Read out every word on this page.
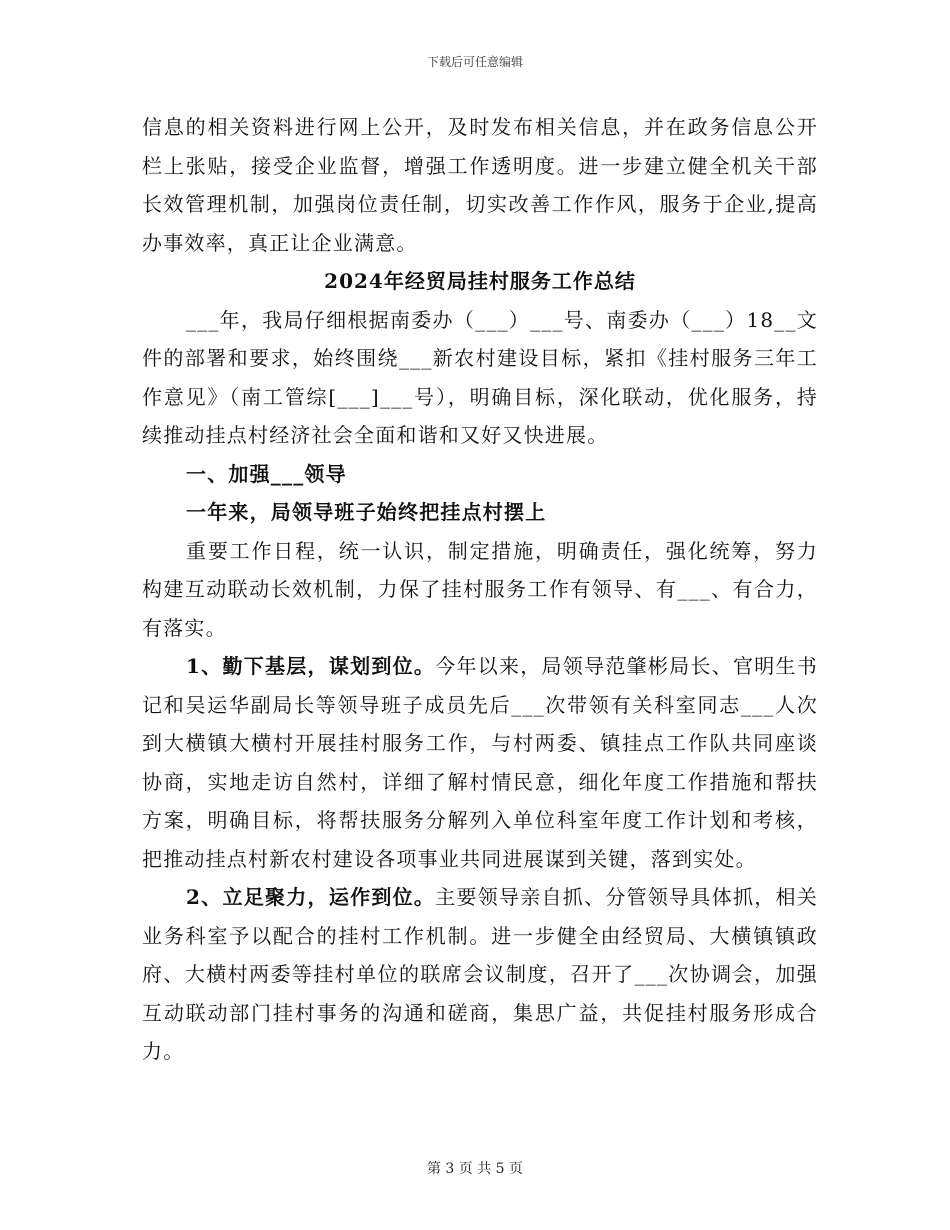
下载后可任意编辑

信息的相关资料进行网上公开，及时发布相关信息，并在政务信息公开栏上张贴，接受企业监督，增强工作透明度。进一步建立健全机关干部长效管理机制，加强岗位责任制，切实改善工作作风，服务于企业,提高办事效率，真正让企业满意。

2024年经贸局挂村服务工作总结

___年，我局仔细根据南委办（___）___号、南委办（___）18__文件的部署和要求，始终围绕___新农村建设目标，紧扣《挂村服务三年工作意见》（南工管综[___]___号），明确目标，深化联动，优化服务，持续推动挂点村经济社会全面和谐和又好又快进展。

一、加强___领导

一年来，局领导班子始终把挂点村摆上

重要工作日程，统一认识，制定措施，明确责任，强化统筹，努力构建互动联动长效机制，力保了挂村服务工作有领导、有___、有合力，有落实。

1、勤下基层，谋划到位。今年以来，局领导范肇彬局长、官明生书记和吴运华副局长等领导班子成员先后___次带领有关科室同志___人次到大横镇大横村开展挂村服务工作，与村两委、镇挂点工作队共同座谈协商，实地走访自然村，详细了解村情民意，细化年度工作措施和帮扶方案，明确目标，将帮扶服务分解列入单位科室年度工作计划和考核，把推动挂点村新农村建设各项事业共同进展谋到关键，落到实处。

2、立足聚力，运作到位。主要领导亲自抓、分管领导具体抓，相关业务科室予以配合的挂村工作机制。进一步健全由经贸局、大横镇镇政府、大横村两委等挂村单位的联席会议制度，召开了___次协调会，加强互动联动部门挂村事务的沟通和磋商，集思广益，共促挂村服务形成合力。

第 3 页 共 5 页
